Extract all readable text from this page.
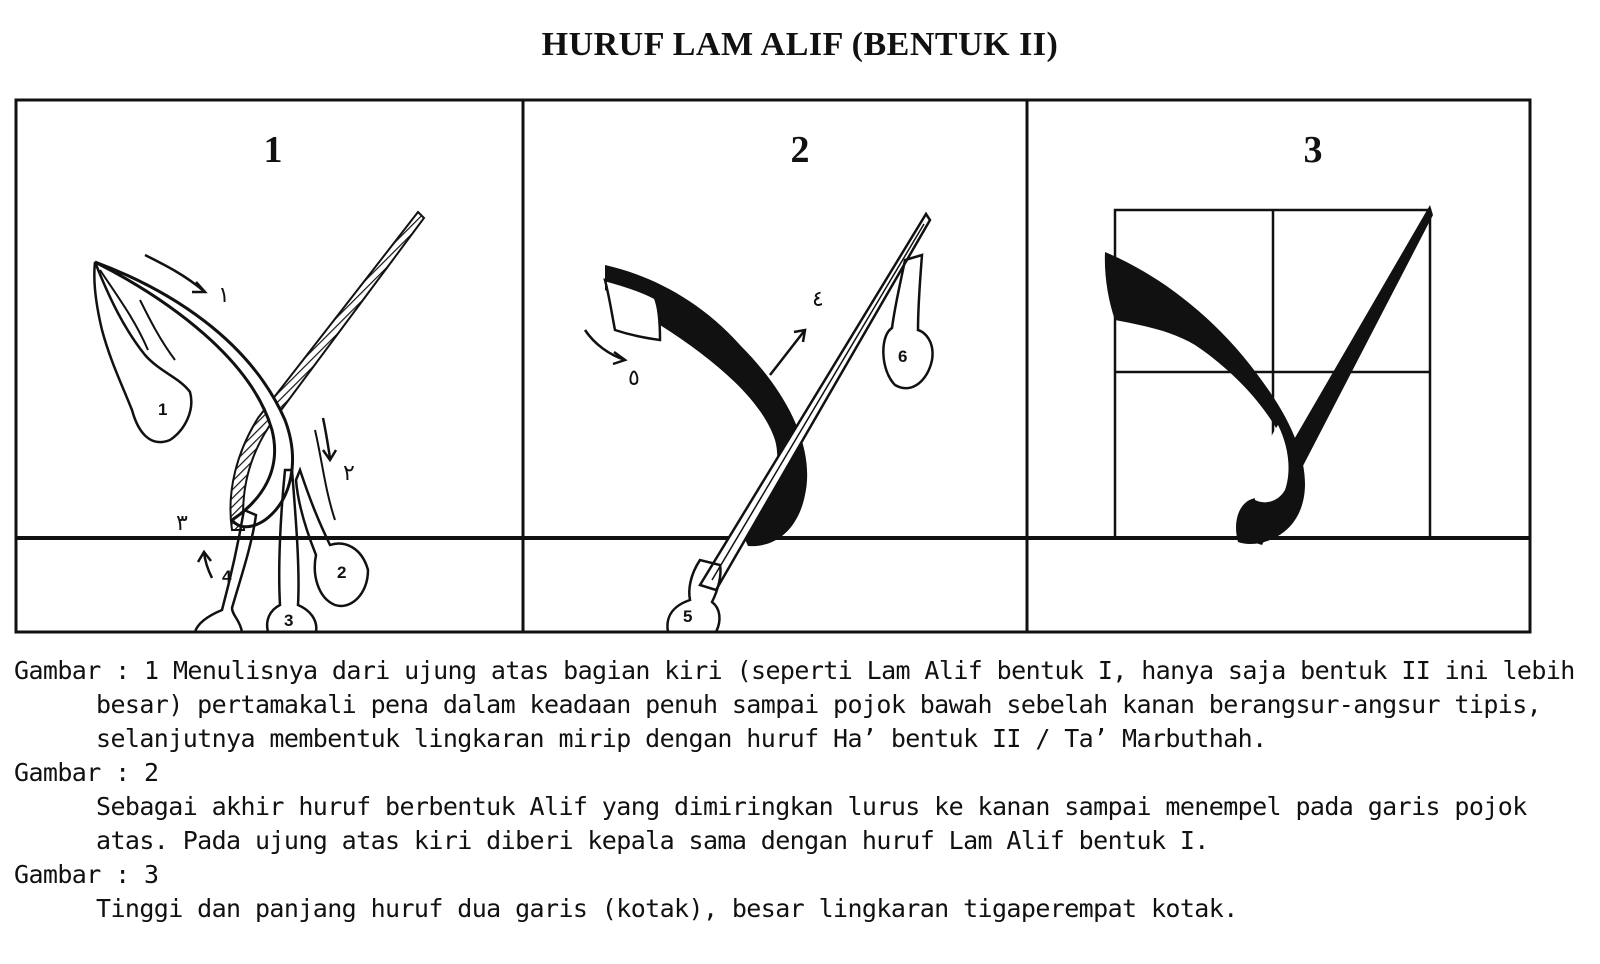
HURUF LAM ALIF (BENTUK II)
1
2
3
4
5
6
١
٢
٣
٤
٥
1	2	3

Gambar : 1 Menulisnya dari ujung atas bagian kiri (seperti Lam Alif bentuk I, hanya saja bentuk II ini lebih

besar) pertamakali pena dalam keadaan penuh sampai pojok bawah sebelah kanan berangsur-angsur tipis,

selanjutnya membentuk lingkaran mirip dengan huruf Ha’ bentuk II / Ta’ Marbuthah.

Gambar : 2

Sebagai akhir huruf berbentuk Alif yang dimiringkan lurus ke kanan sampai menempel pada garis pojok

atas. Pada ujung atas kiri diberi kepala sama dengan huruf Lam Alif bentuk I.

Gambar : 3

Tinggi dan panjang huruf dua garis (kotak), besar lingkaran tigaperempat kotak.
